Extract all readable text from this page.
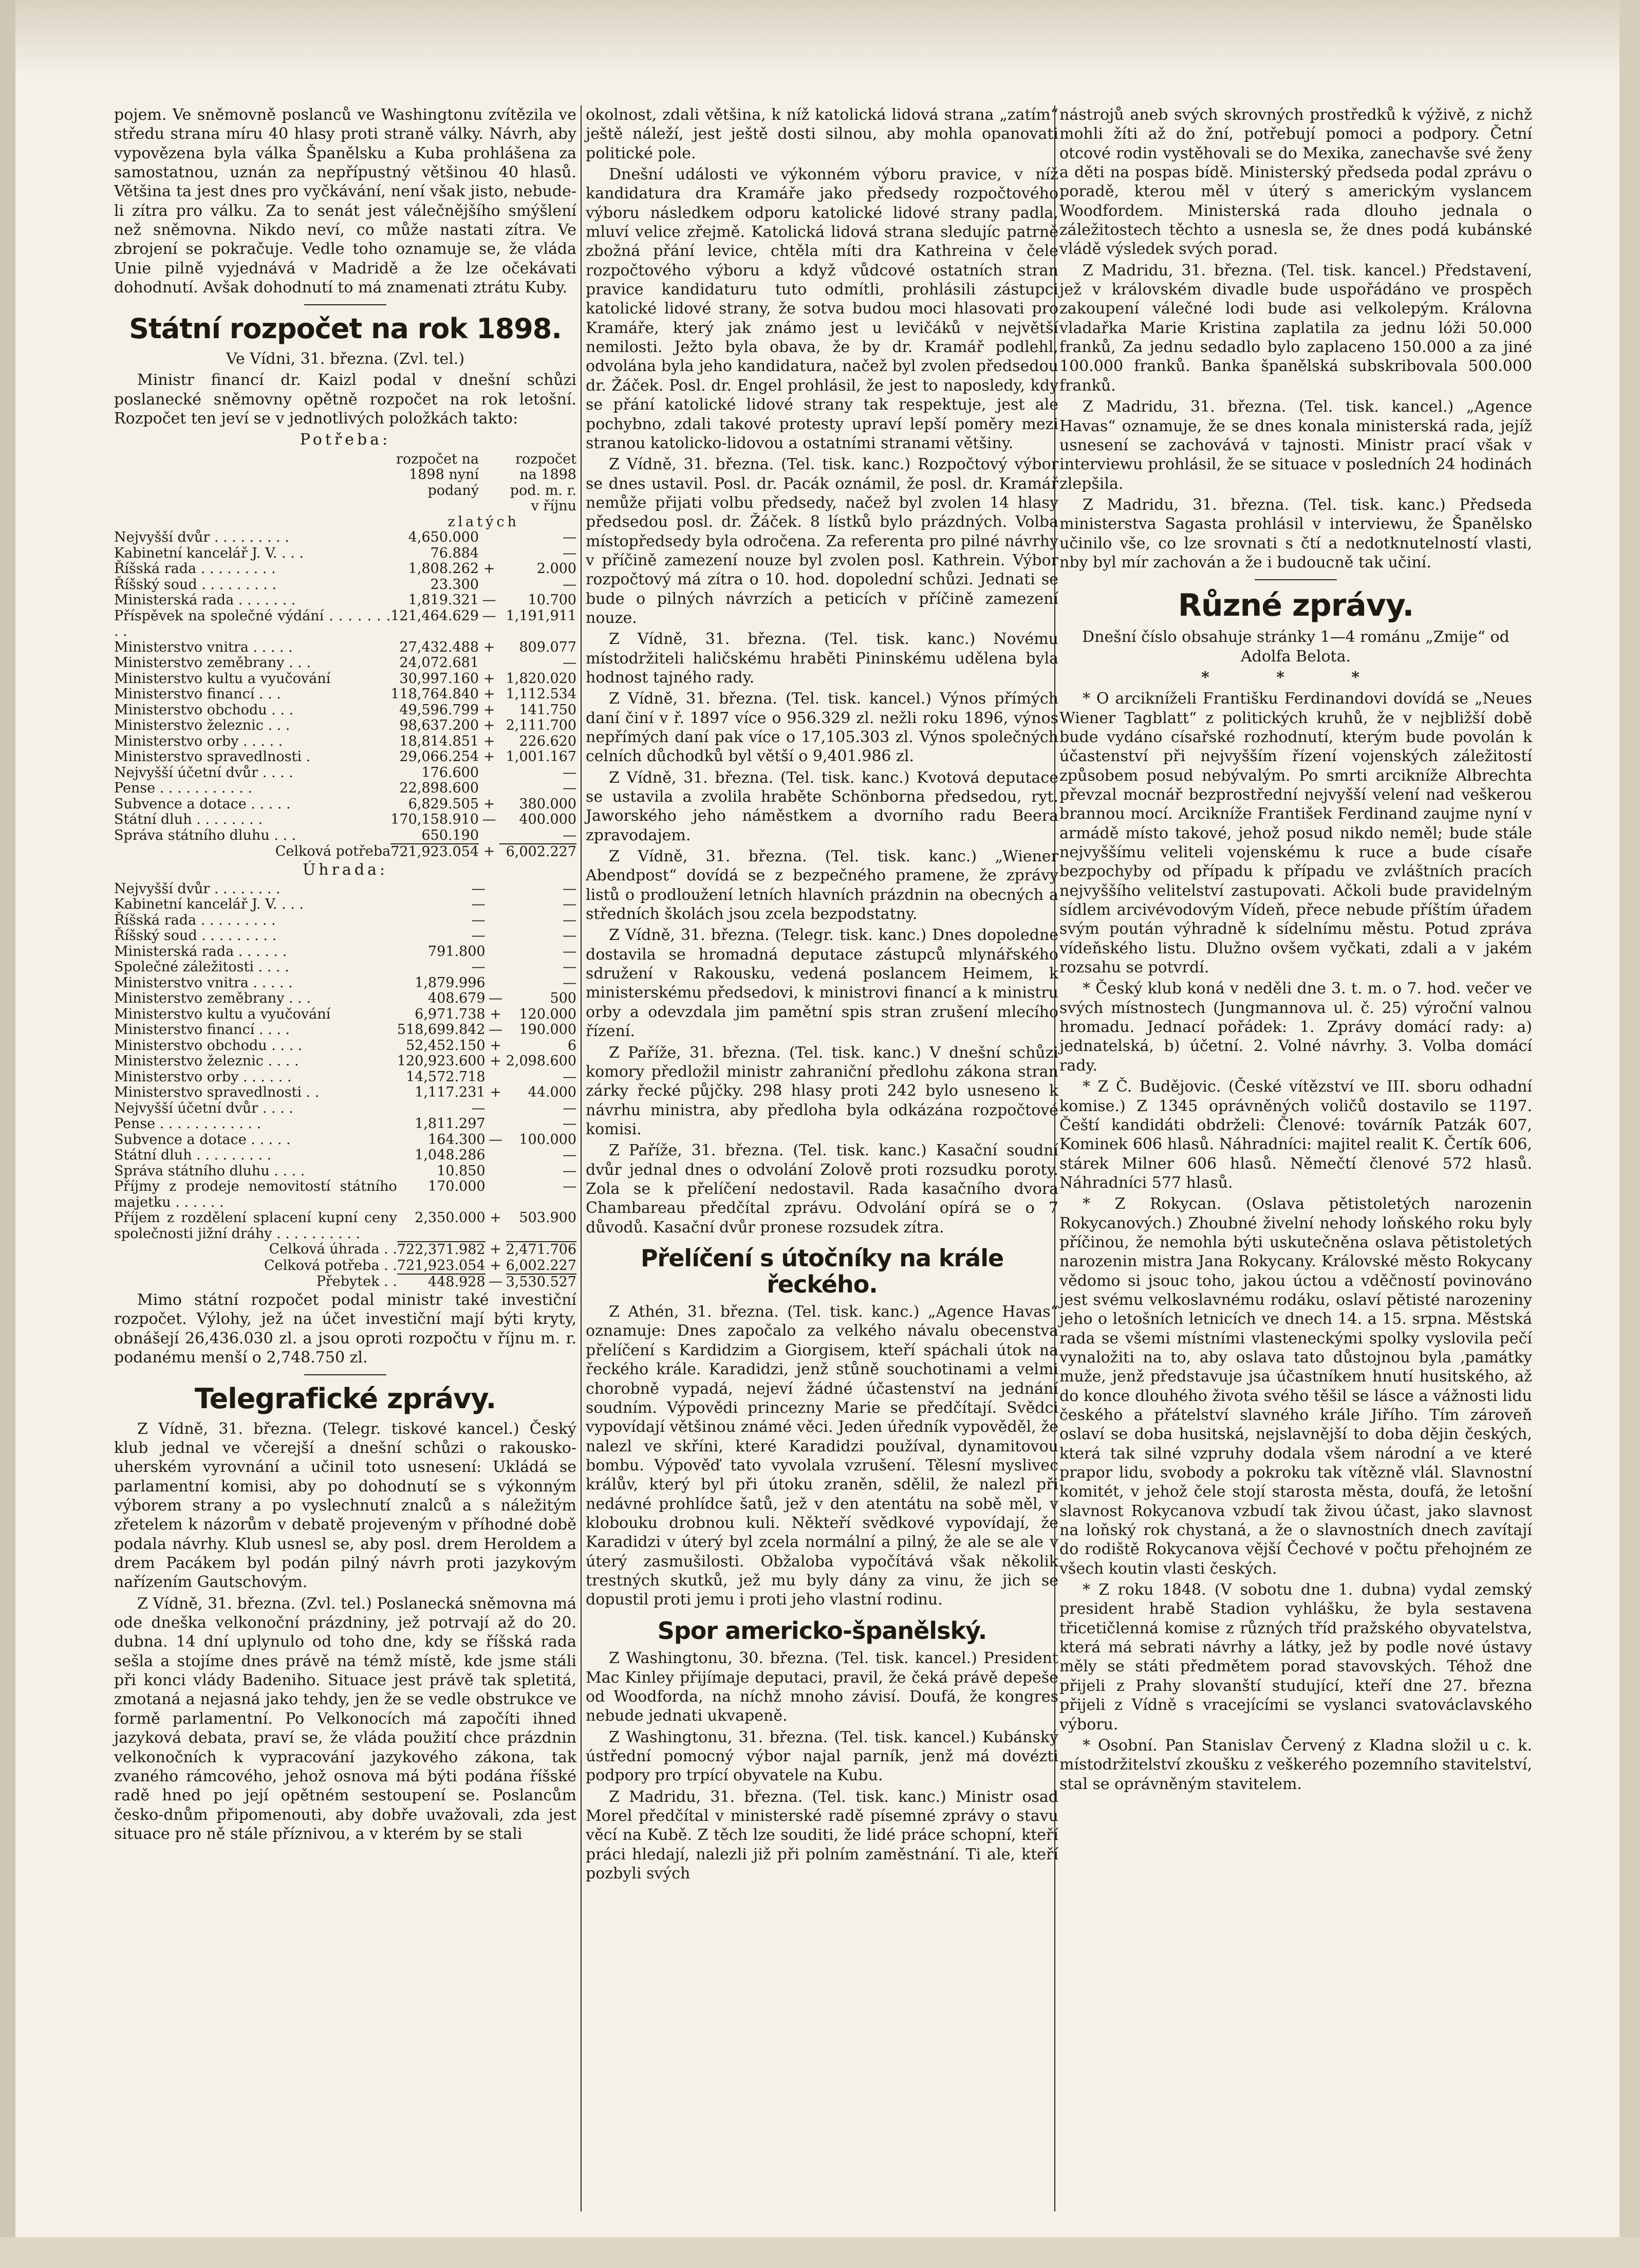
pojem. Ve sněmovně poslanců ve Washingtonu zvítězila ve středu strana míru 40 hlasy proti straně války. Návrh, aby vypovězena byla válka Španělsku a Kuba prohlášena za samostatnou, uznán za nepřípustný většinou 40 hlasů. Většina ta jest dnes pro vyčkávání, není však jisto, nebude-li zítra pro válku. Za to senát jest válečnějšího smýšlení než sněmovna. Nikdo neví, co může nastati zítra. Ve zbrojení se pokračuje. Vedle toho oznamuje se, že vláda Unie pilně vyjednává v Madridě a že lze očekávati dohodnutí. Avšak dohodnutí to má znamenati ztrátu Kuby.

Státní rozpočet na rok 1898.

Ve Vídni, 31. března. (Zvl. tel.)

Ministr financí dr. Kaizl podal v dnešní schůzi poslanecké sněmovny opětně rozpočet na rok letošní. Rozpočet ten jeví se v jednotlivých položkách takto:

Potřeba:

	rozpočet na 1898 nyní podaný		rozpočet na 1898 pod. m. r. v říjnu
	zlatých		
Nejvyšší dvůr . . . . . . . . .	4,650.000		—
Kabinetní kancelář J. V. . . .	76.884		—
Říšská rada . . . . . . . . .	1,808.262	+	2.000
Říšský soud . . . . . . . . .	23.300		—
Ministerská rada . . . . . . .	1,819.321	—	10.700
Příspěvek na společné výdání . . . . . . . . .	121,464.629	—	1,191,911
Ministerstvo vnitra . . . . .	27,432.488	+	809.077
Ministerstvo zeměbrany . . .	24,072.681		—
Ministerstvo kultu a vyučování	30,997.160	+	1,820.020
Ministerstvo financí . . .	118,764.840	+	1,112.534
Ministerstvo obchodu . . .	49,596.799	+	141.750
Ministerstvo železnic . . .	98,637.200	+	2,111.700
Ministerstvo orby . . . . .	18,814.851	+	226.620
Ministerstvo spravedlnosti .	29,066.254	+	1,001.167
Nejvyšší účetní dvůr . . . .	176.600		—
Pense . . . . . . . . . . .	22,898.600		—
Subvence a dotace . . . . .	6,829.505	+	380.000
Státní dluh . . . . . . . .	170,158.910	—	400.000
Správa státního dluhu . . .	650.190		—
Celková potřeba	721,923.054	+	6,002.227

Úhrada:

Nejvyšší dvůr . . . . . . . .	—		—
Kabinetní kancelář J. V. . . .	—		—
Říšská rada . . . . . . . . .	—		—
Říšský soud . . . . . . . . .	—		—
Ministerská rada . . . . . .	791.800		—
Společné záležitosti . . . .	—		—
Ministerstvo vnitra . . . . .	1,879.996		—
Ministerstvo zeměbrany . . .	408.679	—	500
Ministerstvo kultu a vyučování	6,971.738	+	120.000
Ministerstvo financí . . . .	518,699.842	—	190.000
Ministerstvo obchodu . . . .	52,452.150	+	6
Ministerstvo železnic . . . .	120,923.600	+	2,098.600
Ministerstvo orby . . . . . .	14,572.718		—
Ministerstvo spravedlnosti . .	1,117.231	+	44.000
Nejvyšší účetní dvůr . . . .	—		—
Pense . . . . . . . . . . . .	1,811.297		—
Subvence a dotace . . . . .	164.300	—	100.000
Státní dluh . . . . . . . . .	1,048.286		—
Správa státního dluhu . . . .	10.850		—
Příjmy z prodeje nemovitostí státního majetku . . . . . .	170.000		—
Příjem z rozdělení splacení kupní ceny společnosti jižní dráhy . . . . . . . . . .	2,350.000	+	503.900
Celková úhrada . .	722,371.982	+	2,471.706
Celková potřeba . .	721,923.054	+	6,002.227
Přebytek . .	448.928	—	3,530.527

Mimo státní rozpočet podal ministr také investiční rozpočet. Výlohy, jež na účet investiční mají býti kryty, obnášejí 26,436.030 zl. a jsou oproti rozpočtu v říjnu m. r. podanému menší o 2,748.750 zl.

Telegrafické zprávy.

Z Vídně, 31. března. (Telegr. tiskové kancel.) Český klub jednal ve včerejší a dnešní schůzi o rakousko-uherském vyrovnání a učinil toto usnesení: Ukládá se parlamentní komisi, aby po dohodnutí se s výkonným výborem strany a po vyslechnutí znalců a s náležitým zřetelem k názorům v debatě projeveným v příhodné době podala návrhy. Klub usnesl se, aby posl. drem Heroldem a drem Pacákem byl podán pilný návrh proti jazykovým nařízením Gautschovým.

Z Vídně, 31. března. (Zvl. tel.) Poslanecká sněmovna má ode dneška velkonoční prázdniny, jež potrvají až do 20. dubna. 14 dní uplynulo od toho dne, kdy se říšská rada sešla a stojíme dnes právě na témž místě, kde jsme stáli při konci vlády Badeniho. Situace jest právě tak spletitá, zmotaná a nejasná jako tehdy, jen že se vedle obstrukce ve formě parlamentní. Po Velkonocích má započíti ihned jazyková debata, praví se, že vláda použití chce prázdnin velkonočních k vypracování jazykového zákona, tak zvaného rámcového, jehož osnova má býti podána říšské radě hned po její opětném sestoupení se. Poslancům česko-dnům připomenouti, aby dobře uvažovali, zda jest situace pro ně stále příznivou, a v kterém by se stali

okolnost, zdali většina, k níž katolická lidová strana „zatím“ ještě náleží, jest ještě dosti silnou, aby mohla opanovati politické pole.

Dnešní události ve výkonném výboru pravice, v níž kandidatura dra Kramáře jako předsedy rozpočtového výboru následkem odporu katolické lidové strany padla, mluví velice zřejmě. Katolická lidová strana sledujíc patrně zbožná přání levice, chtěla míti dra Kathreina v čele rozpočtového výboru a když vůdcové ostatních stran pravice kandidaturu tuto odmítli, prohlásili zástupci katolické lidové strany, že sotva budou moci hlasovati pro Kramáře, který jak známo jest u levičáků v největší nemilosti. Ježto byla obava, že by dr. Kramář podlehl, odvolána byla jeho kandidatura, načež byl zvolen předsedou dr. Žáček. Posl. dr. Engel prohlásil, že jest to naposledy, kdy se přání katolické lidové strany tak respektuje, jest ale pochybno, zdali takové protesty upraví lepší poměry mezi stranou katolicko-lidovou a ostatními stranami většiny.

Z Vídně, 31. března. (Tel. tisk. kanc.) Rozpočtový výbor se dnes ustavil. Posl. dr. Pacák oznámil, že posl. dr. Kramář nemůže přijati volbu předsedy, načež byl zvolen 14 hlasy předsedou posl. dr. Žáček. 8 lístků bylo prázdných. Volba místopředsedy byla odročena. Za referenta pro pilné návrhy v příčině zamezení nouze byl zvolen posl. Kathrein. Výbor rozpočtový má zítra o 10. hod. dopolední schůzi. Jednati se bude o pilných návrzích a peticích v příčině zamezení nouze.

Z Vídně, 31. března. (Tel. tisk. kanc.) Novému místodržiteli haličskému hraběti Pininskému udělena byla hodnost tajného rady.

Z Vídně, 31. března. (Tel. tisk. kancel.) Výnos přímých daní činí v ř. 1897 více o 956.329 zl. nežli roku 1896, výnos nepřímých daní pak více o 17,105.303 zl. Výnos společných celních důchodků byl větší o 9,401.986 zl.

Z Vídně, 31. března. (Tel. tisk. kanc.) Kvotová deputace se ustavila a zvolila hraběte Schönborna předsedou, ryt. Jaworského jeho náměstkem a dvorního radu Beera zpravodajem.

Z Vídně, 31. března. (Tel. tisk. kanc.) „Wiener Abendpost“ dovídá se z bezpečného pramene, že zprávy listů o prodloužení letních hlavních prázdnin na obecných a středních školách jsou zcela bezpodstatny.

Z Vídně, 31. března. (Telegr. tisk. kanc.) Dnes dopoledne dostavila se hromadná deputace zástupců mlynářského sdružení v Rakousku, vedená poslancem Heimem, k ministerskému předsedovi, k ministrovi financí a k ministru orby a odevzdala jim pamětní spis stran zrušení mlecího řízení.

Z Paříže, 31. března. (Tel. tisk. kanc.) V dnešní schůzi komory předložil ministr zahraniční předlohu zákona stran zárky řecké půjčky. 298 hlasy proti 242 bylo usneseno k návrhu ministra, aby předloha byla odkázána rozpočtové komisi.

Z Paříže, 31. března. (Tel. tisk. kanc.) Kasační soudní dvůr jednal dnes o odvolání Zolově proti rozsudku poroty. Zola se k přelíčení nedostavil. Rada kasačního dvora Chambareau předčítal zprávu. Odvolání opírá se o 7 důvodů. Kasační dvůr pronese rozsudek zítra.

Přelíčení s útočníky na krále řeckého.

Z Athén, 31. března. (Tel. tisk. kanc.) „Agence Havas“ oznamuje: Dnes započalo za velkého návalu obecenstva přelíčení s Kardidzim a Giorgisem, kteří spáchali útok na řeckého krále. Karadidzi, jenž stůně souchotinami a velmi chorobně vypadá, nejeví žádné účastenství na jednání soudním. Výpovědi princezny Marie se předčítají. Svědci vypovídají většinou známé věci. Jeden úředník vypověděl, že nalezl ve skříni, které Karadidzi používal, dynamitovou bombu. Výpověď tato vyvolala vzrušení. Tělesní myslivec králův, který byl při útoku zraněn, sdělil, že nalezl při nedávné prohlídce šatů, jež v den atentátu na sobě měl, v klobouku drobnou kuli. Někteří svědkové vypovídají, že Karadidzi v úterý byl zcela normální a pilný, že ale se ale v úterý zasmušilosti. Obžaloba vypočítává však několik trestných skutků, jež mu byly dány za vinu, že jich se dopustil proti jemu i proti jeho vlastní rodinu.

Spor americko-španělský.

Z Washingtonu, 30. března. (Tel. tisk. kancel.) President Mac Kinley přijímaje deputaci, pravil, že čeká právě depeše od Woodforda, na níchž mnoho závisí. Doufá, že kongres nebude jednati ukvapeně.

Z Washingtonu, 31. března. (Tel. tisk. kancel.) Kubánský ústřední pomocný výbor najal parník, jenž má dovézti podpory pro trpící obyvatele na Kubu.

Z Madridu, 31. března. (Tel. tisk. kanc.) Ministr osad Morel předčítal v ministerské radě písemné zprávy o stavu věcí na Kubě. Z těch lze souditi, že lidé práce schopní, kteří práci hledají, nalezli již při polním zaměstnání. Ti ale, kteří pozbyli svých

nástrojů aneb svých skrovných prostředků k výživě, z nichž mohli žíti až do žní, potřebují pomoci a podpory. Četní otcové rodin vystěhovali se do Mexika, zanechavše své ženy a děti na pospas bídě. Ministerský předseda podal zprávu o poradě, kterou měl v úterý s americkým vyslancem Woodfordem. Ministerská rada dlouho jednala o záležitostech těchto a usnesla se, že dnes podá kubánské vládě výsledek svých porad.

Z Madridu, 31. března. (Tel. tisk. kancel.) Představení, jež v královském divadle bude uspořádáno ve prospěch zakoupení válečné lodi bude asi velkolepým. Královna vladařka Marie Kristina zaplatila za jednu lóži 50.000 franků, Za jednu sedadlo bylo zaplaceno 150.000 a za jiné 100.000 franků. Banka španělská subskribovala 500.000 franků.

Z Madridu, 31. března. (Tel. tisk. kancel.) „Agence Havas“ oznamuje, že se dnes konala ministerská rada, jejíž usnesení se zachovává v tajnosti. Ministr prací však v interviewu prohlásil, že se situace v posledních 24 hodinách zlepšila.

Z Madridu, 31. března. (Tel. tisk. kanc.) Předseda ministerstva Sagasta prohlásil v interviewu, že Španělsko učinilo vše, co lze srovnati s čtí a nedotknutelností vlasti, nby byl mír zachován a že i budoucně tak učiní.

Různé zprávy.

Dnešní číslo obsahuje stránky 1—4 románu „Zmije“ od Adolfa Belota.

* * *

* O arcikníželi Františku Ferdinandovi dovídá se „Neues Wiener Tagblatt“ z politických kruhů, že v nejbližší době bude vydáno císařské rozhodnutí, kterým bude povolán k účastenství při nejvyšším řízení vojenských záležitostí způsobem posud nebývalým. Po smrti arcikníže Albrechta převzal mocnář bezprostřední nejvyšší velení nad veškerou brannou mocí. Arcikníže František Ferdinand zaujme nyní v armádě místo takové, jehož posud nikdo neměl; bude stále nejvyššímu veliteli vojenskému k ruce a bude císaře bezpochyby od případu k případu ve zvláštních pracích nejvyššího velitelství zastupovati. Ačkoli bude pravidelným sídlem arcivévodovým Vídeň, přece nebude příštím úřadem svým poután výhradně k sídelnímu městu. Potud zpráva vídeňského listu. Dlužno ovšem vyčkati, zdali a v jakém rozsahu se potvrdí.

* Český klub koná v neděli dne 3. t. m. o 7. hod. večer ve svých místnostech (Jungmannova ul. č. 25) výroční valnou hromadu. Jednací pořádek: 1. Zprávy domácí rady: a) jednatelská, b) účetní. 2. Volné návrhy. 3. Volba domácí rady.

* Z Č. Budějovic. (České vítězství ve III. sboru odhadní komise.) Z 1345 oprávněných voličů dostavilo se 1197. Čeští kandidáti obdrželi: Členové: továrník Patzák 607, Kominek 606 hlasů. Náhradníci: majitel realit K. Čertík 606, stárek Milner 606 hlasů. Němečtí členové 572 hlasů. Náhradníci 577 hlasů.

* Z Rokycan. (Oslava pětistoletých narozenin Rokycanových.) Zhoubné živelní nehody loňského roku byly příčinou, že nemohla býti uskutečněna oslava pětistoletých narozenin mistra Jana Rokycany. Královské město Rokycany vědomo si jsouc toho, jakou úctou a vděčností povinováno jest svému velkoslavnému rodáku, oslaví pětisté narozeniny jeho o letošních letnicích ve dnech 14. a 15. srpna. Městská rada se všemi místními vlasteneckými spolky vyslovila pečí vynaložiti na to, aby oslava tato důstojnou byla ‚památky muže, jenž představuje jsa účastníkem hnutí husitského, až do konce dlouhého života svého těšil se lásce a vážnosti lidu českého a přátelství slavného krále Jiřího. Tím zároveň oslaví se doba husitská, nejslavnější to doba dějin českých, která tak silné vzpruhy dodala všem národní a ve které prapor lidu, svobody a pokroku tak vítězně vlál. Slavnostní komitét, v jehož čele stojí starosta města, doufá, že letošní slavnost Rokycanova vzbudí tak živou účast, jako slavnost na loňský rok chystaná, a že o slavnostních dnech zavítají do rodiště Rokycanova vější Čechové v počtu přehojném ze všech koutin vlasti českých.

* Z roku 1848. (V sobotu dne 1. dubna) vydal zemský president hrabě Stadion vyhlášku, že byla sestavena třicetičlenná komise z různých tříd pražského obyvatelstva, která má sebrati návrhy a látky, jež by podle nové ústavy měly se státi předmětem porad stavovských. Téhož dne přijeli z Prahy slovanští studující, kteří dne 27. března přijeli z Vídně s vracejícími se vyslanci svatováclavského výboru.

* Osobní. Pan Stanislav Červený z Kladna složil u c. k. místodržitelství zkoušku z veškerého pozemního stavitelství, stal se oprávněným stavitelem.
